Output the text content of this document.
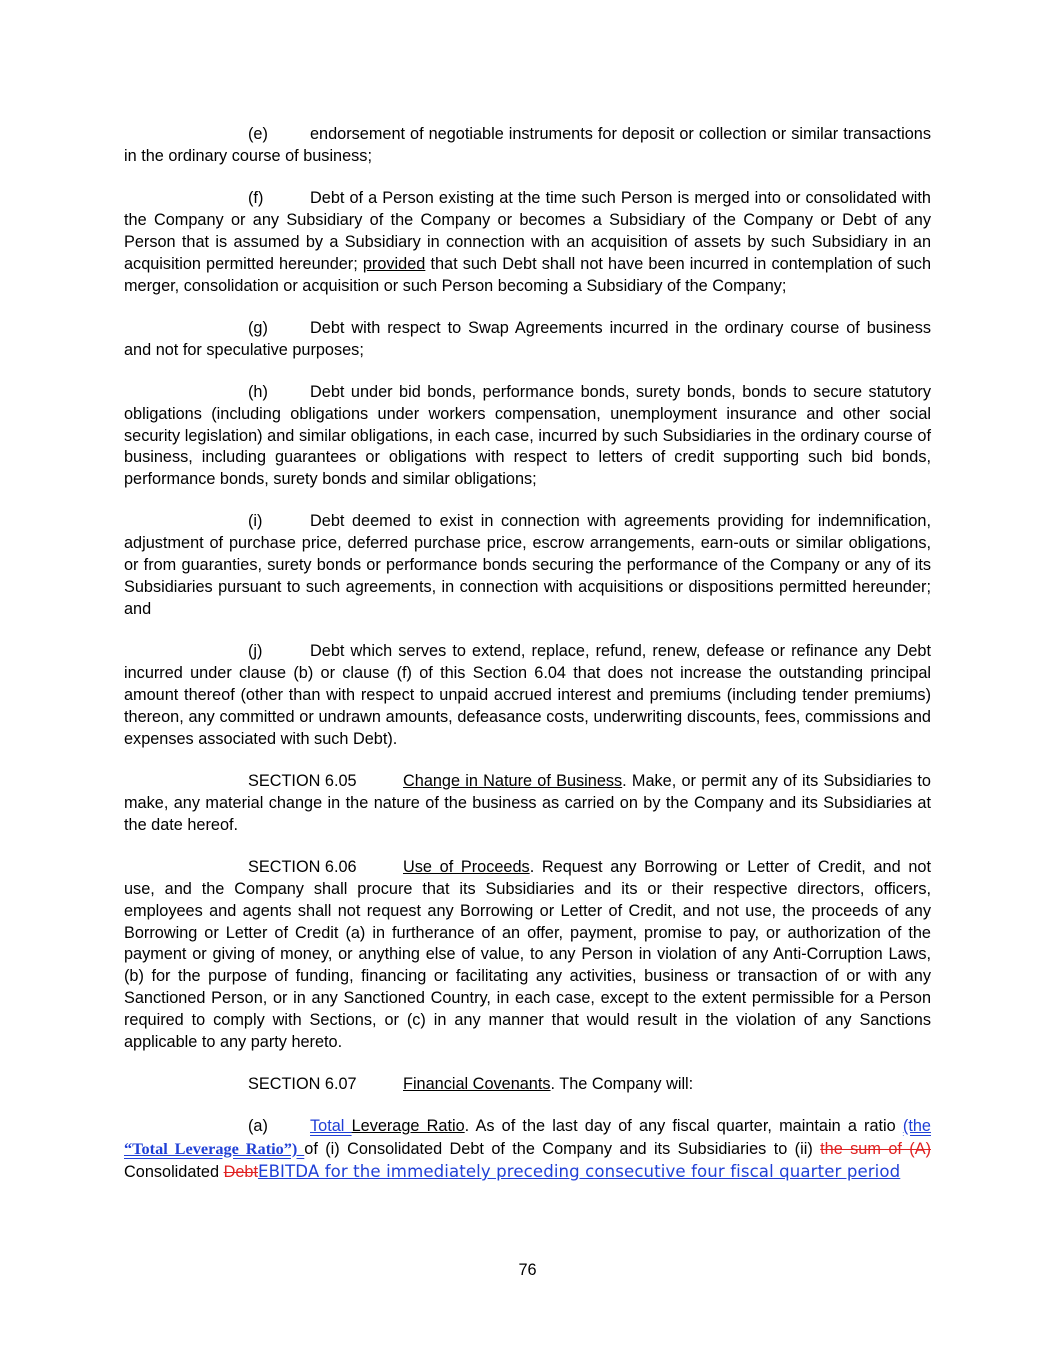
(e)	endorsement of negotiable instruments for deposit or collection or similar transactions in the ordinary course of business;

(f)	Debt of a Person existing at the time such Person is merged into or consolidated with the Company or any Subsidiary of the Company or becomes a Subsidiary of the Company or Debt of any Person that is assumed by a Subsidiary in connection with an acquisition of assets by such Subsidiary in an acquisition permitted hereunder; provided that such Debt shall not have been incurred in contemplation of such merger, consolidation or acquisition or such Person becoming a Subsidiary of the Company;

(g)	Debt with respect to Swap Agreements incurred in the ordinary course of business and not for speculative purposes;

(h)	Debt under bid bonds, performance bonds, surety bonds, bonds to secure statutory obligations (including obligations under workers compensation, unemployment insurance and other social security legislation) and similar obligations, in each case, incurred by such Subsidiaries in the ordinary course of business, including guarantees or obligations with respect to letters of credit supporting such bid bonds, performance bonds, surety bonds and similar obligations;

(i)	Debt deemed to exist in connection with agreements providing for indemnification, adjustment of purchase price, deferred purchase price, escrow arrangements, earn-outs or similar obligations, or from guaranties, surety bonds or performance bonds securing the performance of the Company or any of its Subsidiaries pursuant to such agreements, in connection with acquisitions or dispositions permitted hereunder; and

(j)	Debt which serves to extend, replace, refund, renew, defease or refinance any Debt incurred under clause (b) or clause (f) of this Section 6.04 that does not increase the outstanding principal amount thereof (other than with respect to unpaid accrued interest and premiums (including tender premiums) thereon, any committed or undrawn amounts, defeasance costs, underwriting discounts, fees, commissions and expenses associated with such Debt).

SECTION 6.05	Change in Nature of Business. Make, or permit any of its Subsidiaries to make, any material change in the nature of the business as carried on by the Company and its Subsidiaries at the date hereof.

SECTION 6.06	Use of Proceeds. Request any Borrowing or Letter of Credit, and not use, and the Company shall procure that its Subsidiaries and its or their respective directors, officers, employees and agents shall not request any Borrowing or Letter of Credit, and not use, the proceeds of any Borrowing or Letter of Credit (a) in furtherance of an offer, payment, promise to pay, or authorization of the payment or giving of money, or anything else of value, to any Person in violation of any Anti-Corruption Laws, (b) for the purpose of funding, financing or facilitating any activities, business or transaction of or with any Sanctioned Person, or in any Sanctioned Country, in each case, except to the extent permissible for a Person required to comply with Sections, or (c) in any manner that would result in the violation of any Sanctions applicable to any party hereto.

SECTION 6.07	Financial Covenants. The Company will:

(a)	Total Leverage Ratio. As of the last day of any fiscal quarter, maintain a ratio (the “Total Leverage Ratio”) of (i) Consolidated Debt of the Company and its Subsidiaries to (ii) the sum of (A) Consolidated DebtEBITDA for the immediately preceding consecutive four fiscal quarter period

76
